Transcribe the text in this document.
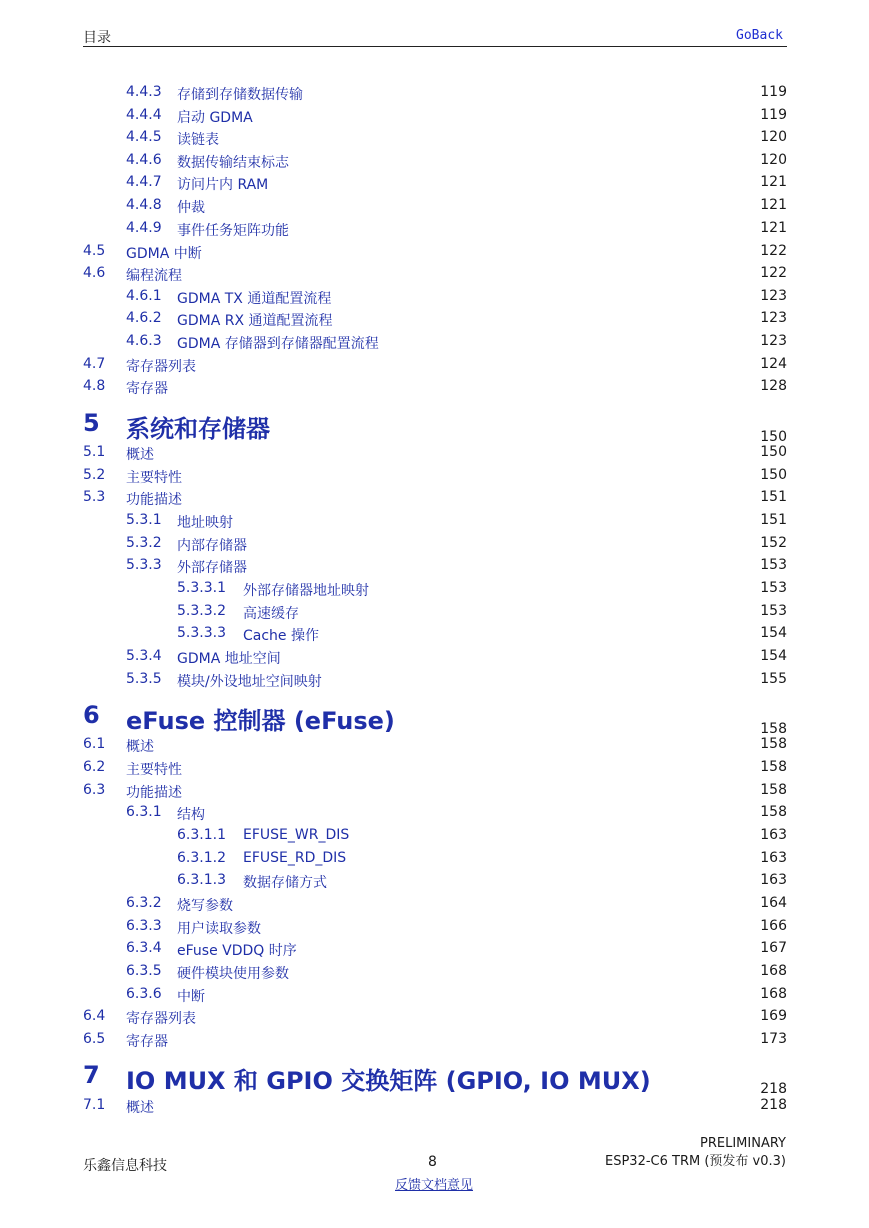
目录	GoBack
4.4.3 存储到存储数据传输	119
4.4.4 启动 GDMA	119
4.4.5 读链表	120
4.4.6 数据传输结束标志	120
4.4.7 访问片内 RAM	121
4.4.8 仲裁	121
4.4.9 事件任务矩阵功能	121
4.5 GDMA 中断	122
4.6 编程流程	122
4.6.1 GDMA TX 通道配置流程	123
4.6.2 GDMA RX 通道配置流程	123
4.6.3 GDMA 存储器到存储器配置流程	123
4.7 寄存器列表	124
4.8 寄存器	128
5 系统和存储器	150
5.1 概述	150
5.2 主要特性	150
5.3 功能描述	151
5.3.1 地址映射	151
5.3.2 内部存储器	152
5.3.3 外部存储器	153
5.3.3.1 外部存储器地址映射	153
5.3.3.2 高速缓存	153
5.3.3.3 Cache 操作	154
5.3.4 GDMA 地址空间	154
5.3.5 模块/外设地址空间映射	155
6 eFuse 控制器 (eFuse)	158
6.1 概述	158
6.2 主要特性	158
6.3 功能描述	158
6.3.1 结构	158
6.3.1.1 EFUSE_WR_DIS	163
6.3.1.2 EFUSE_RD_DIS	163
6.3.1.3 数据存储方式	163
6.3.2 烧写参数	164
6.3.3 用户读取参数	166
6.3.4 eFuse VDDQ 时序	167
6.3.5 硬件模块使用参数	168
6.3.6 中断	168
6.4 寄存器列表	169
6.5 寄存器	173
7 IO MUX 和 GPIO 交换矩阵 (GPIO, IO MUX)	218
7.1 概述	218
乐鑫信息科技	8
PRELIMINARY
ESP32-C6 TRM (预发布 v0.3)
反馈文档意见
